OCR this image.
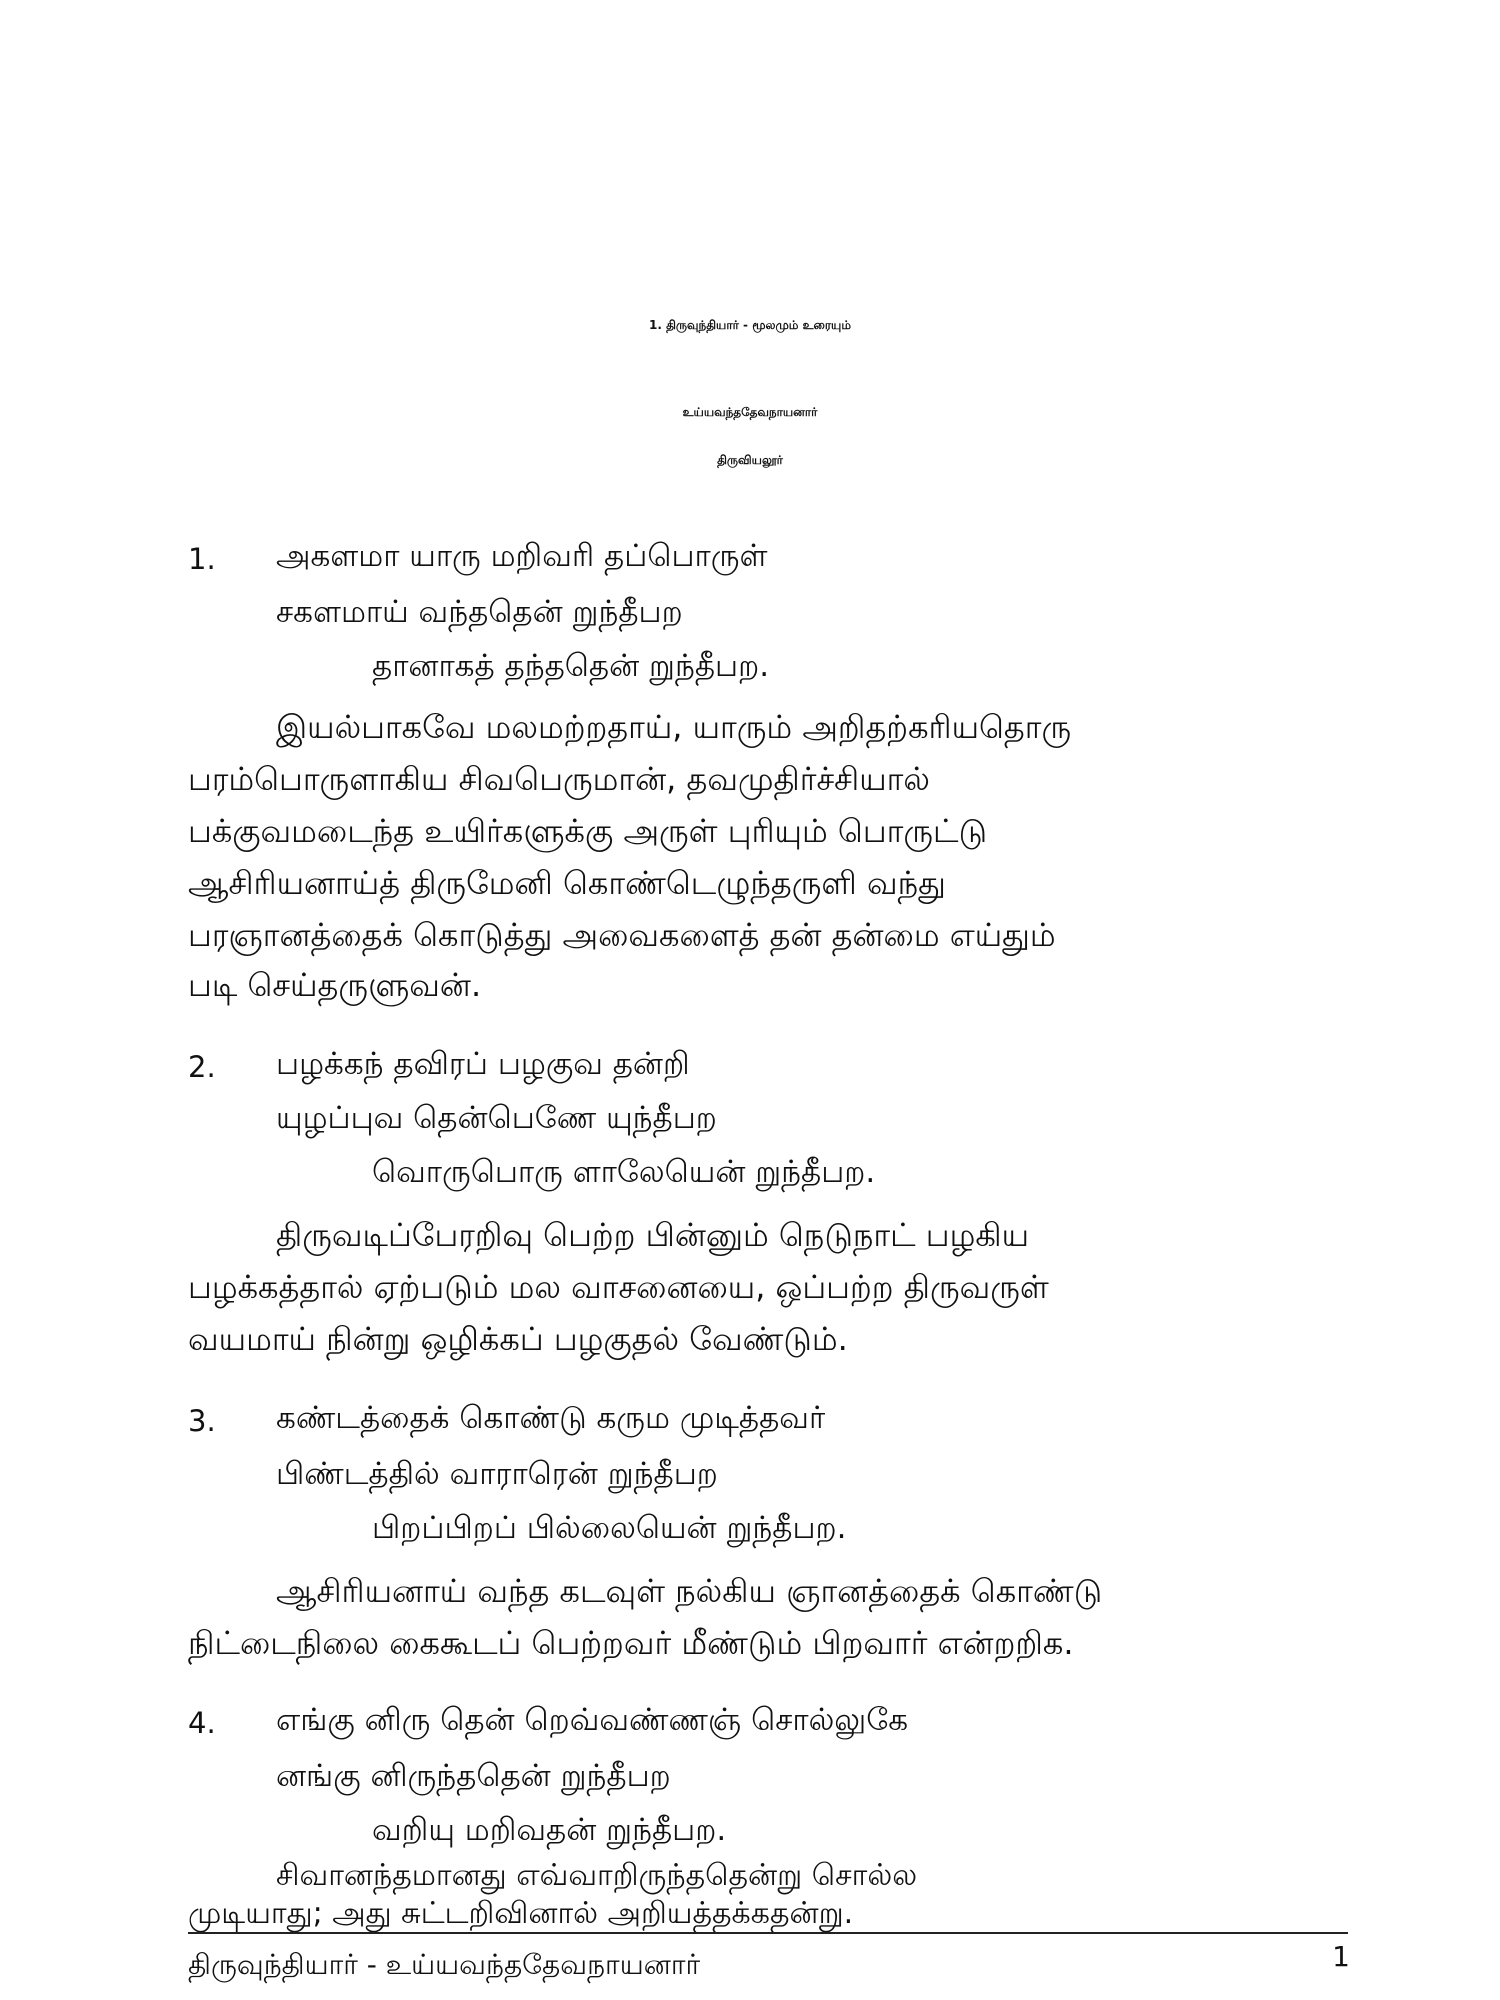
1. திருவுந்தியார் - மூலமும் உரையும்
உய்யவந்ததேவநாயனார்
திருவியலூர்
1. அகளமா யாரு மறிவரி தப்பொருள்
சகளமாய் வந்ததென் றுந்தீபற
தானாகத் தந்ததென் றுந்தீபற.
இயல்பாகவே மலமற்றதாய், யாரும் அறிதற்கரியதொரு
பரம்பொருளாகிய சிவபெருமான், தவமுதிர்ச்சியால்
பக்குவமடைந்த உயிர்களுக்கு அருள் புரியும் பொருட்டு
ஆசிரியனாய்த் திருமேனி கொண்டெழுந்தருளி வந்து
பரஞானத்தைக் கொடுத்து அவைகளைத் தன் தன்மை எய்தும்
படி செய்தருளுவன்.
2. பழக்கந் தவிரப் பழகுவ தன்றி
யுழப்புவ தென்பெணே யுந்தீபற
வொருபொரு ளாலேயென் றுந்தீபற.
திருவடிப்பேரறிவு பெற்ற பின்னும் நெடுநாட் பழகிய
பழக்கத்தால் ஏற்படும் மல வாசனையை, ஒப்பற்ற திருவருள்
வயமாய் நின்று ஒழிக்கப் பழகுதல் வேண்டும்.
3. கண்டத்தைக் கொண்டு கரும முடித்தவர்
பிண்டத்தில் வாராரென் றுந்தீபற
பிறப்பிறப் பில்லையென் றுந்தீபற.
ஆசிரியனாய் வந்த கடவுள் நல்கிய ஞானத்தைக் கொண்டு
நிட்டைநிலை கைகூடப் பெற்றவர் மீண்டும் பிறவார் என்றறிக.
4. எங்கு னிரு தென் றெவ்வண்ணஞ் சொல்லுகே
னங்கு னிருந்ததென் றுந்தீபற
வறியு மறிவதன் றுந்தீபற.
சிவானந்தமானது எவ்வாறிருந்ததென்று சொல்ல
முடியாது; அது சுட்டறிவினால் அறியத்தக்கதன்று.
திருவுந்தியார் - உய்யவந்ததேவநாயனார்	1
